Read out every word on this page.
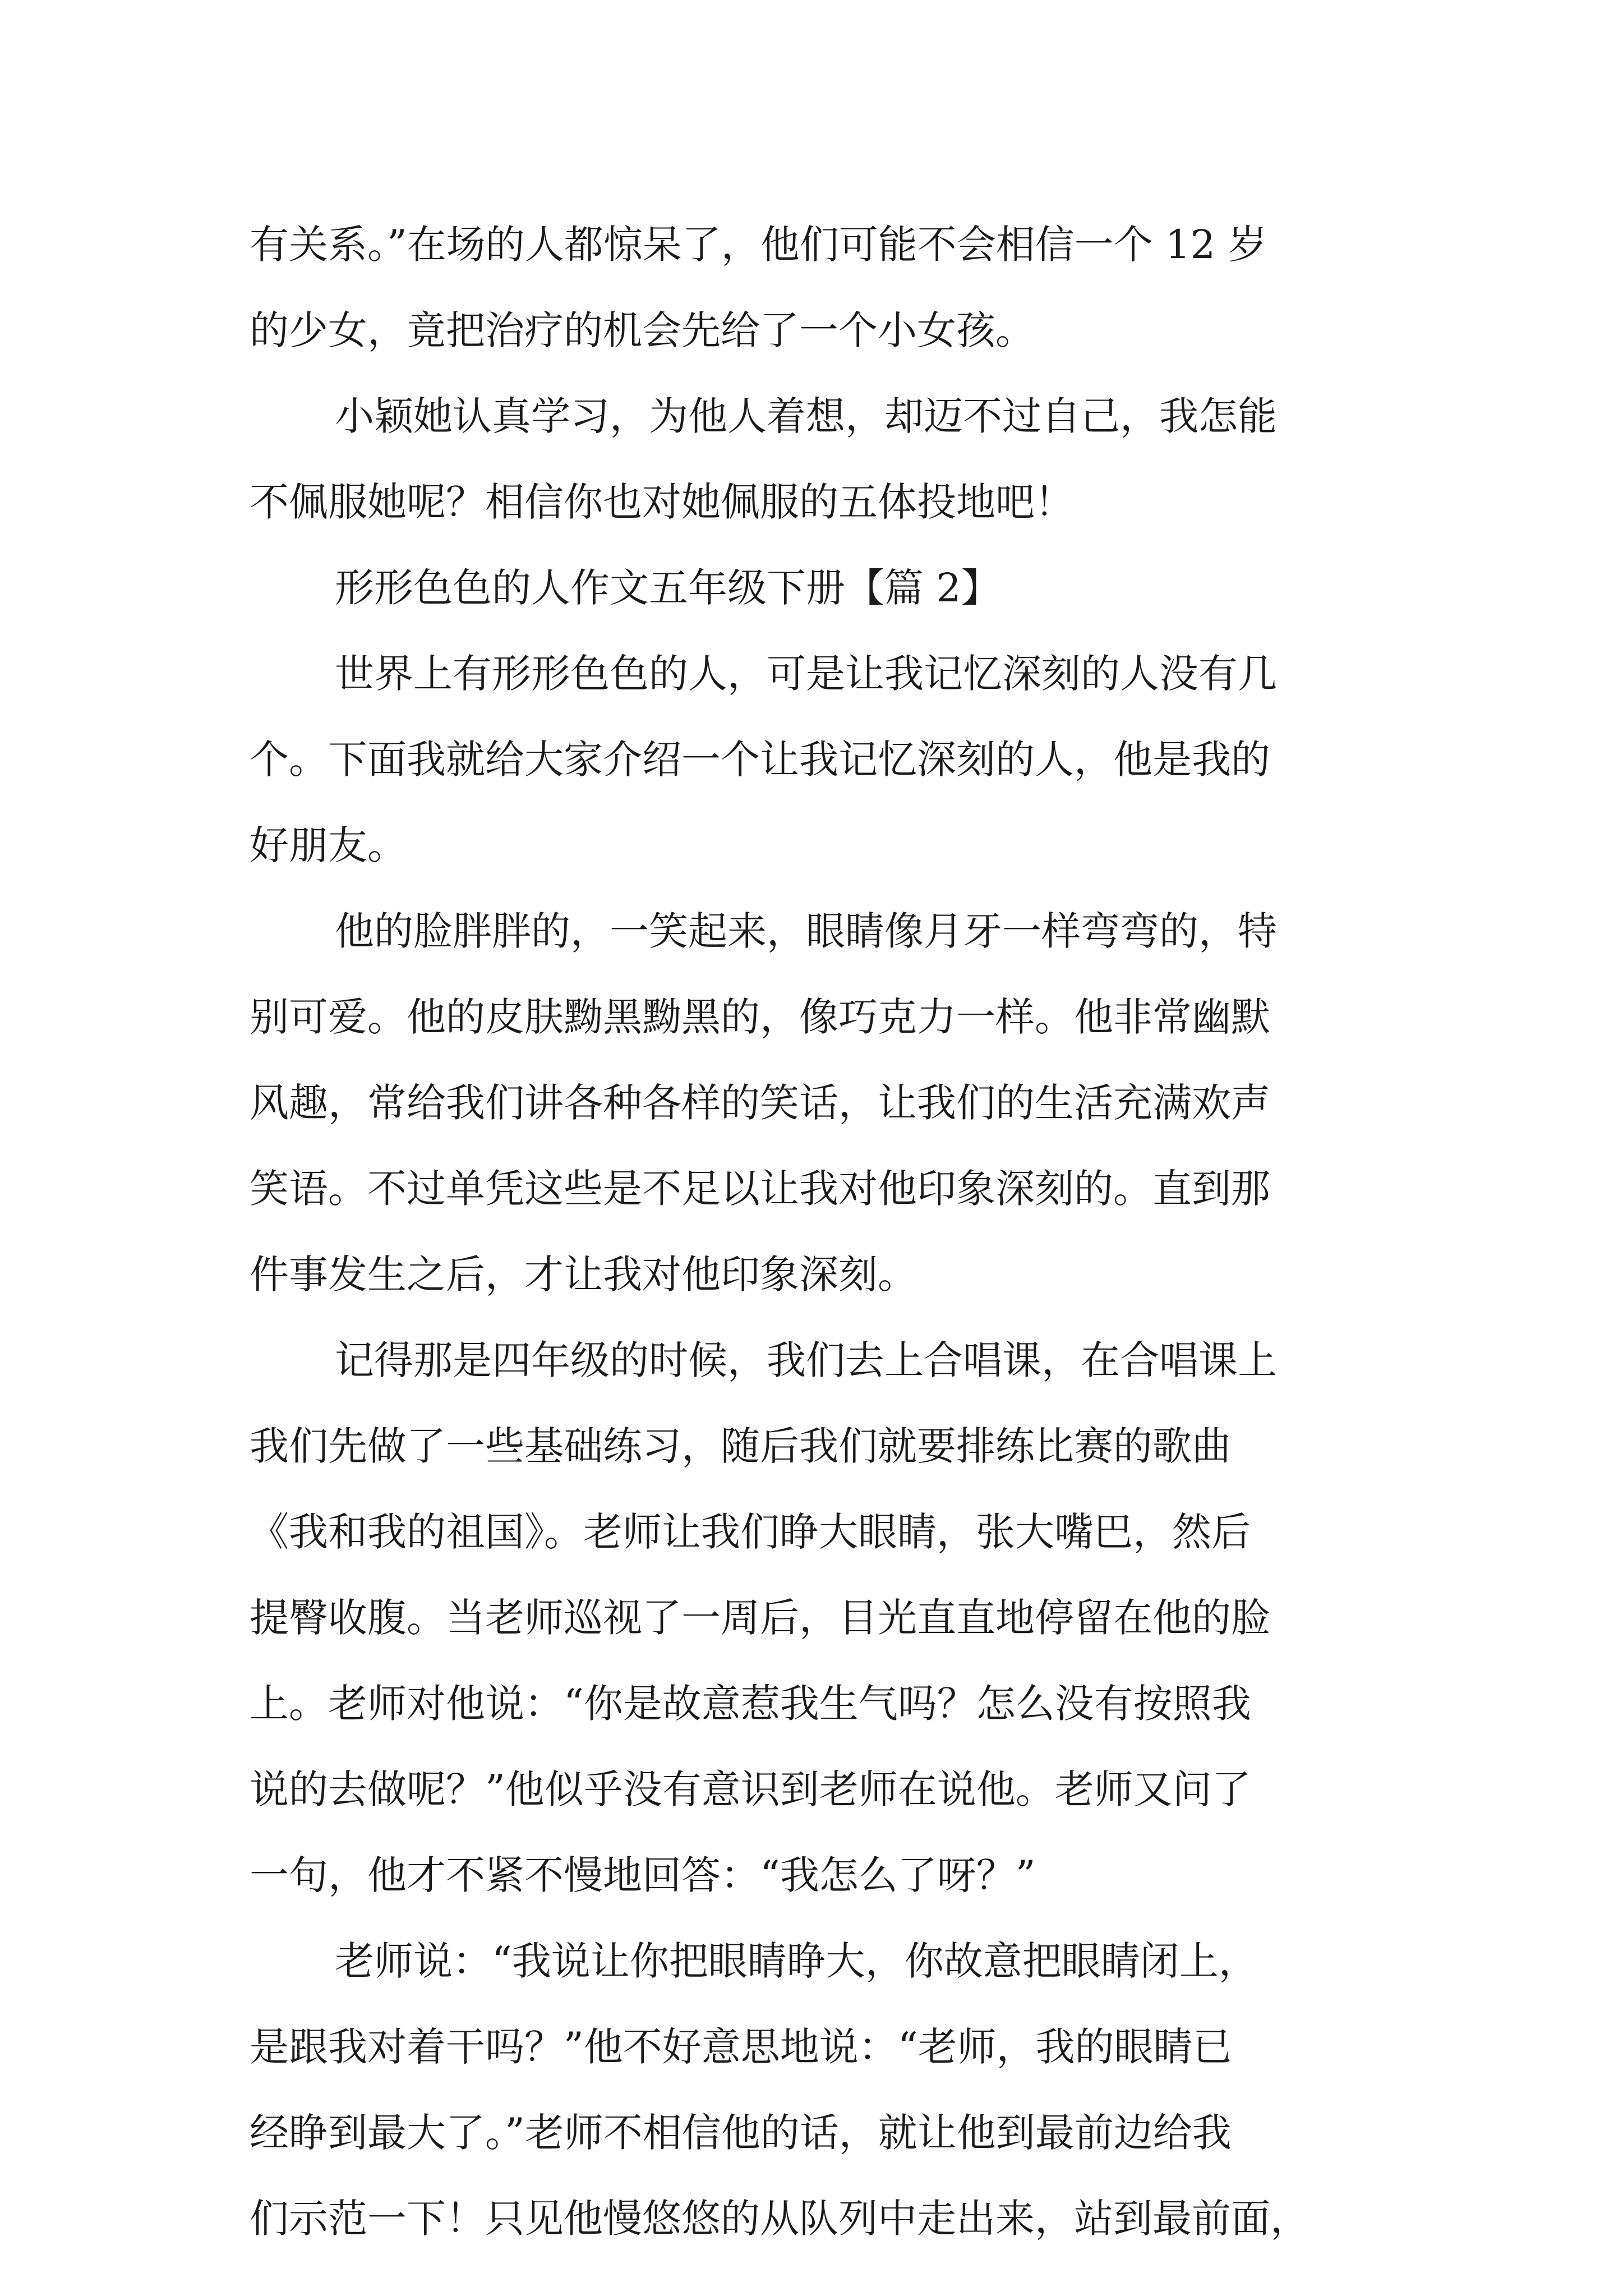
有关系。”在场的人都惊呆了，他们可能不会相信一个 12 岁
的少女，竟把治疗的机会先给了一个小女孩。
小颖她认真学习，为他人着想，却迈不过自己，我怎能
不佩服她呢？相信你也对她佩服的五体投地吧！
形形色色的人作文五年级下册【篇 2】
世界上有形形色色的人，可是让我记忆深刻的人没有几
个。下面我就给大家介绍一个让我记忆深刻的人，他是我的
好朋友。
他的脸胖胖的，一笑起来，眼睛像月牙一样弯弯的，特
别可爱。他的皮肤黝黑黝黑的，像巧克力一样。他非常幽默
风趣，常给我们讲各种各样的笑话，让我们的生活充满欢声
笑语。不过单凭这些是不足以让我对他印象深刻的。直到那
件事发生之后，才让我对他印象深刻。
记得那是四年级的时候，我们去上合唱课，在合唱课上
我们先做了一些基础练习，随后我们就要排练比赛的歌曲
《我和我的祖国》。老师让我们睁大眼睛，张大嘴巴，然后
提臀收腹。当老师巡视了一周后，目光直直地停留在他的脸
上。老师对他说：“你是故意惹我生气吗？怎么没有按照我
说的去做呢？”他似乎没有意识到老师在说他。老师又问了
一句，他才不紧不慢地回答：“我怎么了呀？”
老师说：“我说让你把眼睛睁大，你故意把眼睛闭上，
是跟我对着干吗？”他不好意思地说：“老师，我的眼睛已
经睁到最大了。”老师不相信他的话，就让他到最前边给我
们示范一下！只见他慢悠悠的从队列中走出来，站到最前面，
